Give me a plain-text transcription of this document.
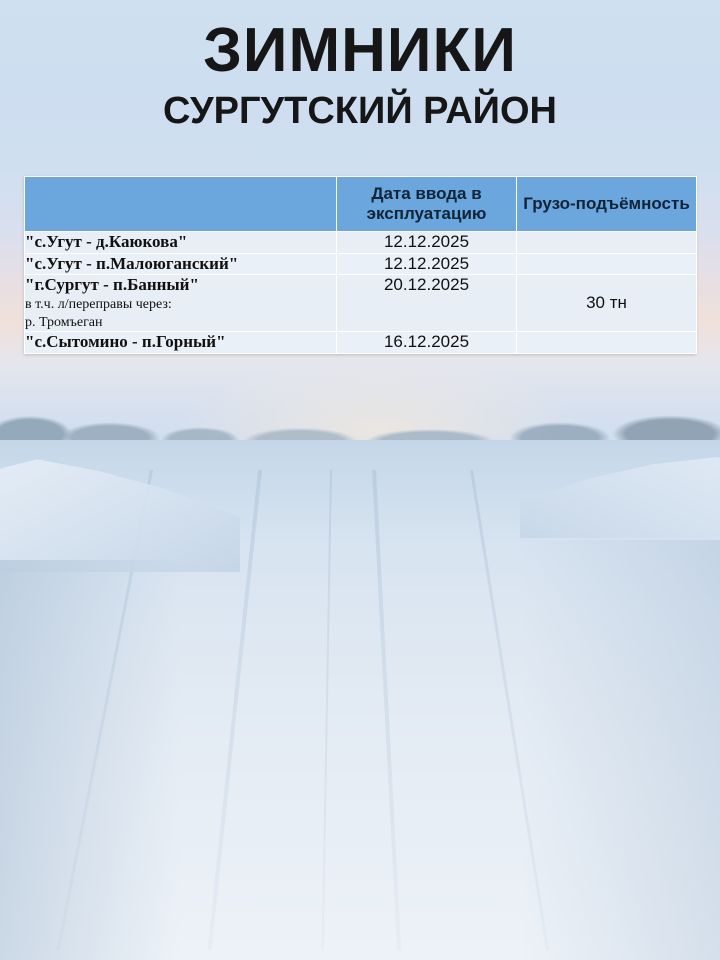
ЗИМНИКИ
СУРГУТСКИЙ РАЙОН
	Дата ввода в эксплуатацию	Грузо-подъёмность
"с.Угут - д.Каюкова"	12.12.2025	
"с.Угут - п.Малоюганский"	12.12.2025	
"г.Сургут - п.Банный"
в т.ч. л/переправы через:
р. Тромъеган	20.12.2025	30 тн
"с.Сытомино - п.Горный"	16.12.2025	
